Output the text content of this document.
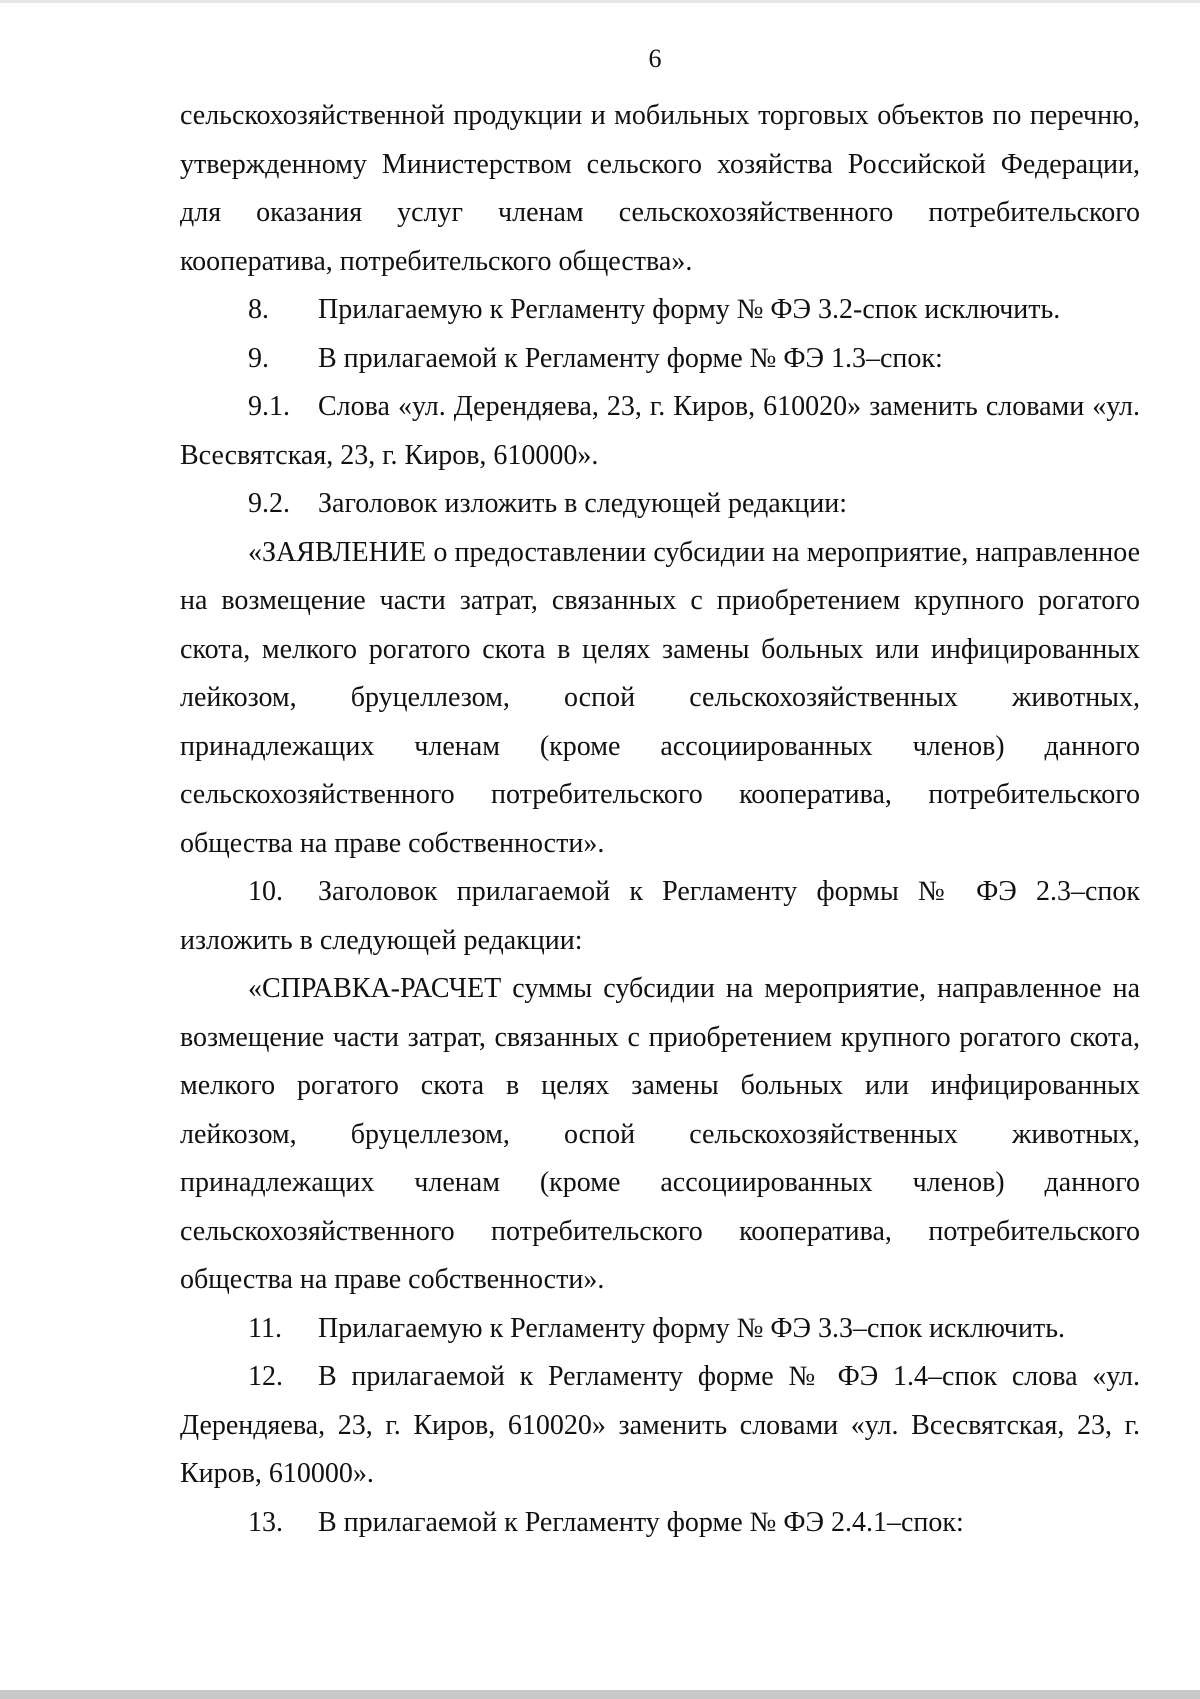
6

сельскохозяйственной продукции и мобильных торговых объектов по перечню, утвержденному Министерством сельского хозяйства Российской Федерации, для оказания услуг членам сельскохозяйственного потребительского кооператива, потребительского общества».

8. Прилагаемую к Регламенту форму № ФЭ 3.2-спок исключить.

9. В прилагаемой к Регламенту форме № ФЭ 1.3–спок:

9.1. Слова «ул. Дерендяева, 23, г. Киров, 610020» заменить словами «ул. Всесвятская, 23, г. Киров, 610000».

9.2. Заголовок изложить в следующей редакции:

«ЗАЯВЛЕНИЕ о предоставлении субсидии на мероприятие, направленное на возмещение части затрат, связанных с приобретением крупного рогатого скота, мелкого рогатого скота в целях замены больных или инфицированных лейкозом, бруцеллезом, оспой сельскохозяйственных животных, принадлежащих членам (кроме ассоциированных членов) данного сельскохозяйственного потребительского кооператива, потребительского общества на праве собственности».

10. Заголовок прилагаемой к Регламенту формы № ФЭ 2.3–спок изложить в следующей редакции:

«СПРАВКА-РАСЧЕТ суммы субсидии на мероприятие, направленное на возмещение части затрат, связанных с приобретением крупного рогатого скота, мелкого рогатого скота в целях замены больных или инфицированных лейкозом, бруцеллезом, оспой сельскохозяйственных животных, принадлежащих членам (кроме ассоциированных членов) данного сельскохозяйственного потребительского кооператива, потребительского общества на праве собственности».

11. Прилагаемую к Регламенту форму № ФЭ 3.3–спок исключить.

12. В прилагаемой к Регламенту форме № ФЭ 1.4–спок слова «ул. Дерендяева, 23, г. Киров, 610020» заменить словами «ул. Всесвятская, 23, г. Киров, 610000».

13. В прилагаемой к Регламенту форме № ФЭ 2.4.1–спок:
